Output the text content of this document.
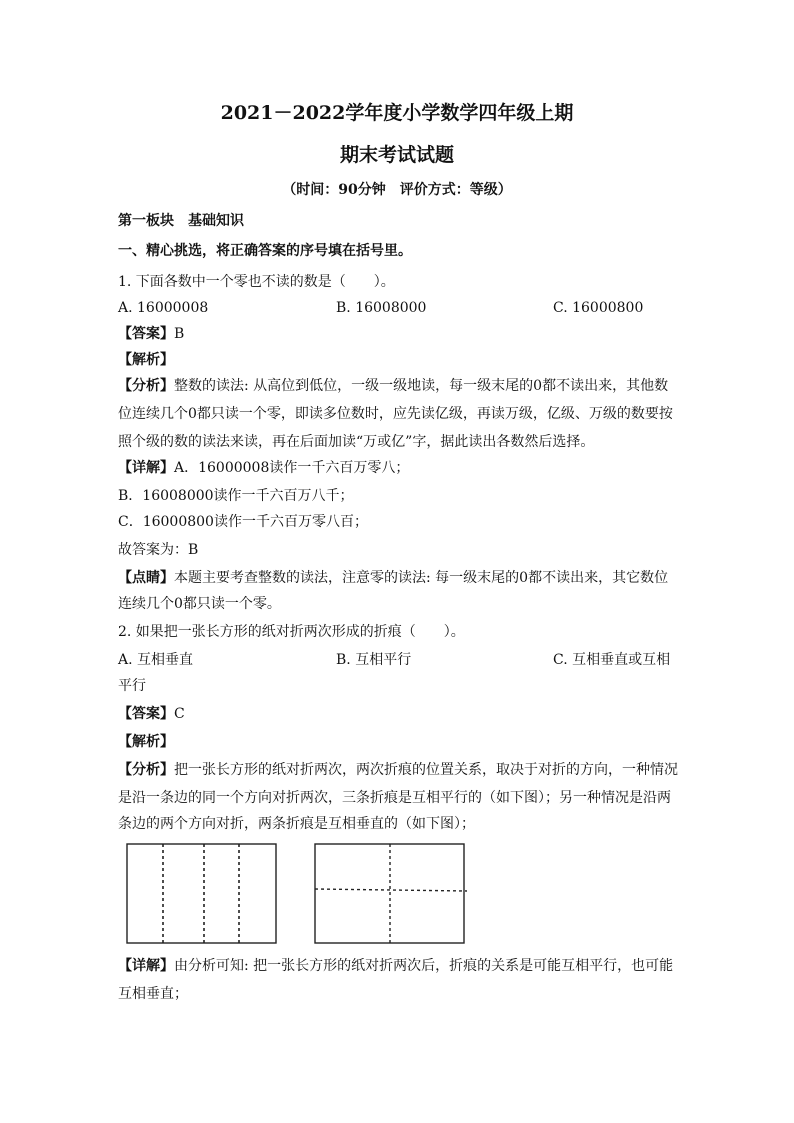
2021－2022学年度小学数学四年级上期
期末考试试题
（时间：90分钟　评价方式：等级）
第一板块　基础知识
一、精心挑选，将正确答案的序号填在括号里。
1. 下面各数中一个零也不读的数是（　　）。
A. 16000008	B. 16008000	C. 16000800
【答案】B
【解析】
【分析】整数的读法: 从高位到低位，一级一级地读，每一级末尾的0都不读出来，其他数
位连续几个0都只读一个零，即读多位数时，应先读亿级，再读万级，亿级、万级的数要按
照个级的数的读法来读，再在后面加读“万或亿”字，据此读出各数然后选择。
【详解】A．16000008读作一千六百万零八；
B．16008000读作一千六百万八千；
C．16000800读作一千六百万零八百；
故答案为：B
【点睛】本题主要考查整数的读法，注意零的读法: 每一级末尾的0都不读出来，其它数位
连续几个0都只读一个零。
2. 如果把一张长方形的纸对折两次形成的折痕（　　）。
A. 互相垂直	B. 互相平行	C. 互相垂直或互相
平行
【答案】C
【解析】
【分析】把一张长方形的纸对折两次，两次折痕的位置关系，取决于对折的方向，一种情况
是沿一条边的同一个方向对折两次，三条折痕是互相平行的（如下图）；另一种情况是沿两
条边的两个方向对折，两条折痕是互相垂直的（如下图）；
【详解】由分析可知: 把一张长方形的纸对折两次后，折痕的关系是可能互相平行，也可能
互相垂直；
